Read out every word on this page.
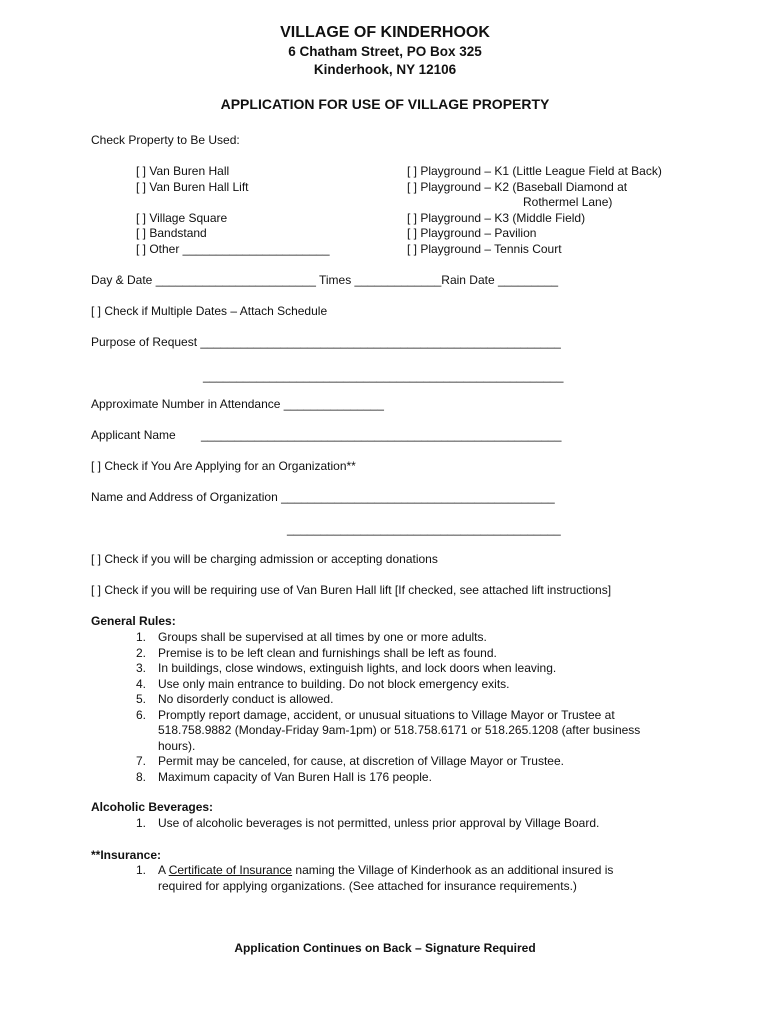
VILLAGE OF KINDERHOOK
6 Chatham Street, PO Box 325
Kinderhook, NY 12106
APPLICATION FOR USE OF VILLAGE PROPERTY
Check Property to Be Used:
[ ] Van Buren Hall
[ ] Van Buren Hall Lift
[ ] Village Square
[ ] Bandstand
[ ] Other ______________________
[ ] Playground – K1 (Little League Field at Back)
[ ] Playground – K2 (Baseball Diamond at
Rothermel Lane)
[ ] Playground – K3 (Middle Field)
[ ] Playground – Pavilion
[ ] Playground – Tennis Court
Day & Date ________________________ Times _____________Rain Date _________
[ ] Check if Multiple Dates – Attach Schedule
Purpose of Request ______________________________________________________
______________________________________________________
Approximate Number in Attendance _______________
Applicant Name ______________________________________________________
[ ] Check if You Are Applying for an Organization**
Name and Address of Organization _________________________________________
_________________________________________
[ ] Check if you will be charging admission or accepting donations
[ ] Check if you will be requiring use of Van Buren Hall lift [If checked, see attached lift instructions]
General Rules:
1. Groups shall be supervised at all times by one or more adults.
2. Premise is to be left clean and furnishings shall be left as found.
3. In buildings, close windows, extinguish lights, and lock doors when leaving.
4. Use only main entrance to building. Do not block emergency exits.
5. No disorderly conduct is allowed.
6. Promptly report damage, accident, or unusual situations to Village Mayor or Trustee at
518.758.9882 (Monday-Friday 9am-1pm) or 518.758.6171 or 518.265.1208 (after business
hours).
7. Permit may be canceled, for cause, at discretion of Village Mayor or Trustee.
8. Maximum capacity of Van Buren Hall is 176 people.
Alcoholic Beverages:
1. Use of alcoholic beverages is not permitted, unless prior approval by Village Board.
**Insurance:
1. A Certificate of Insurance naming the Village of Kinderhook as an additional insured is
required for applying organizations. (See attached for insurance requirements.)
Application Continues on Back – Signature Required
